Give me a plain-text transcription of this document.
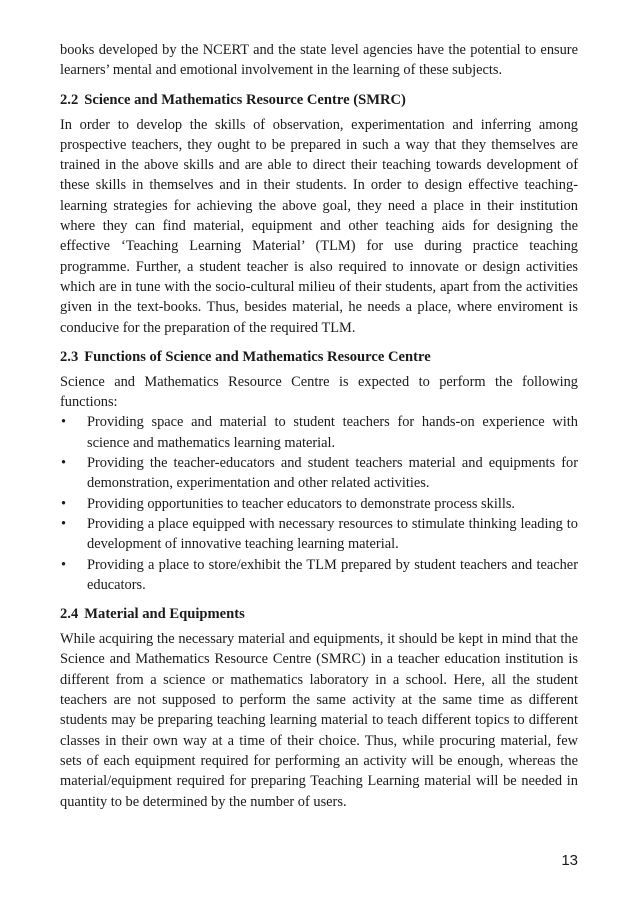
books developed by the NCERT and the state level agencies have the potential to ensure learners’ mental and emotional involvement in the learning of these subjects.

2.2 Science and Mathematics Resource Centre (SMRC)

In order to develop the skills of observation, experimentation and inferring among prospective teachers, they ought to be prepared in such a way that they themselves are trained in the above skills and are able to direct their teaching towards development of these skills in themselves and in their students. In order to design effective teaching-learning strategies for achieving the above goal, they need a place in their institution where they can find material, equipment and other teaching aids for designing the effective ‘Teaching Learning Material’ (TLM) for use during practice teaching programme. Further, a student teacher is also required to innovate or design activities which are in tune with the socio-cultural milieu of their students, apart from the activities given in the text-books. Thus, besides material, he needs a place, where enviroment is conducive for the preparation of the required TLM.

2.3 Functions of Science and Mathematics Resource Centre

Science and Mathematics Resource Centre is expected to perform the following functions:

• Providing space and material to student teachers for hands-on experience with science and mathematics learning material.
• Providing the teacher-educators and student teachers material and equipments for demonstration, experimentation and other related activities.
• Providing opportunities to teacher educators to demonstrate process skills.
• Providing a place equipped with necessary resources to stimulate thinking leading to development of innovative teaching learning material.
• Providing a place to store/exhibit the TLM prepared by student teachers and teacher educators.
2.4 Material and Equipments

While acquiring the necessary material and equipments, it should be kept in mind that the Science and Mathematics Resource Centre (SMRC) in a teacher education institution is different from a science or mathematics laboratory in a school. Here, all the student teachers are not supposed to perform the same activity at the same time as different students may be preparing teaching learning material to teach different topics to different classes in their own way at a time of their choice. Thus, while procuring material, few sets of each equipment required for performing an activity will be enough, whereas the material/equipment required for preparing Teaching Learning material will be needed in quantity to be determined by the number of users.

13
